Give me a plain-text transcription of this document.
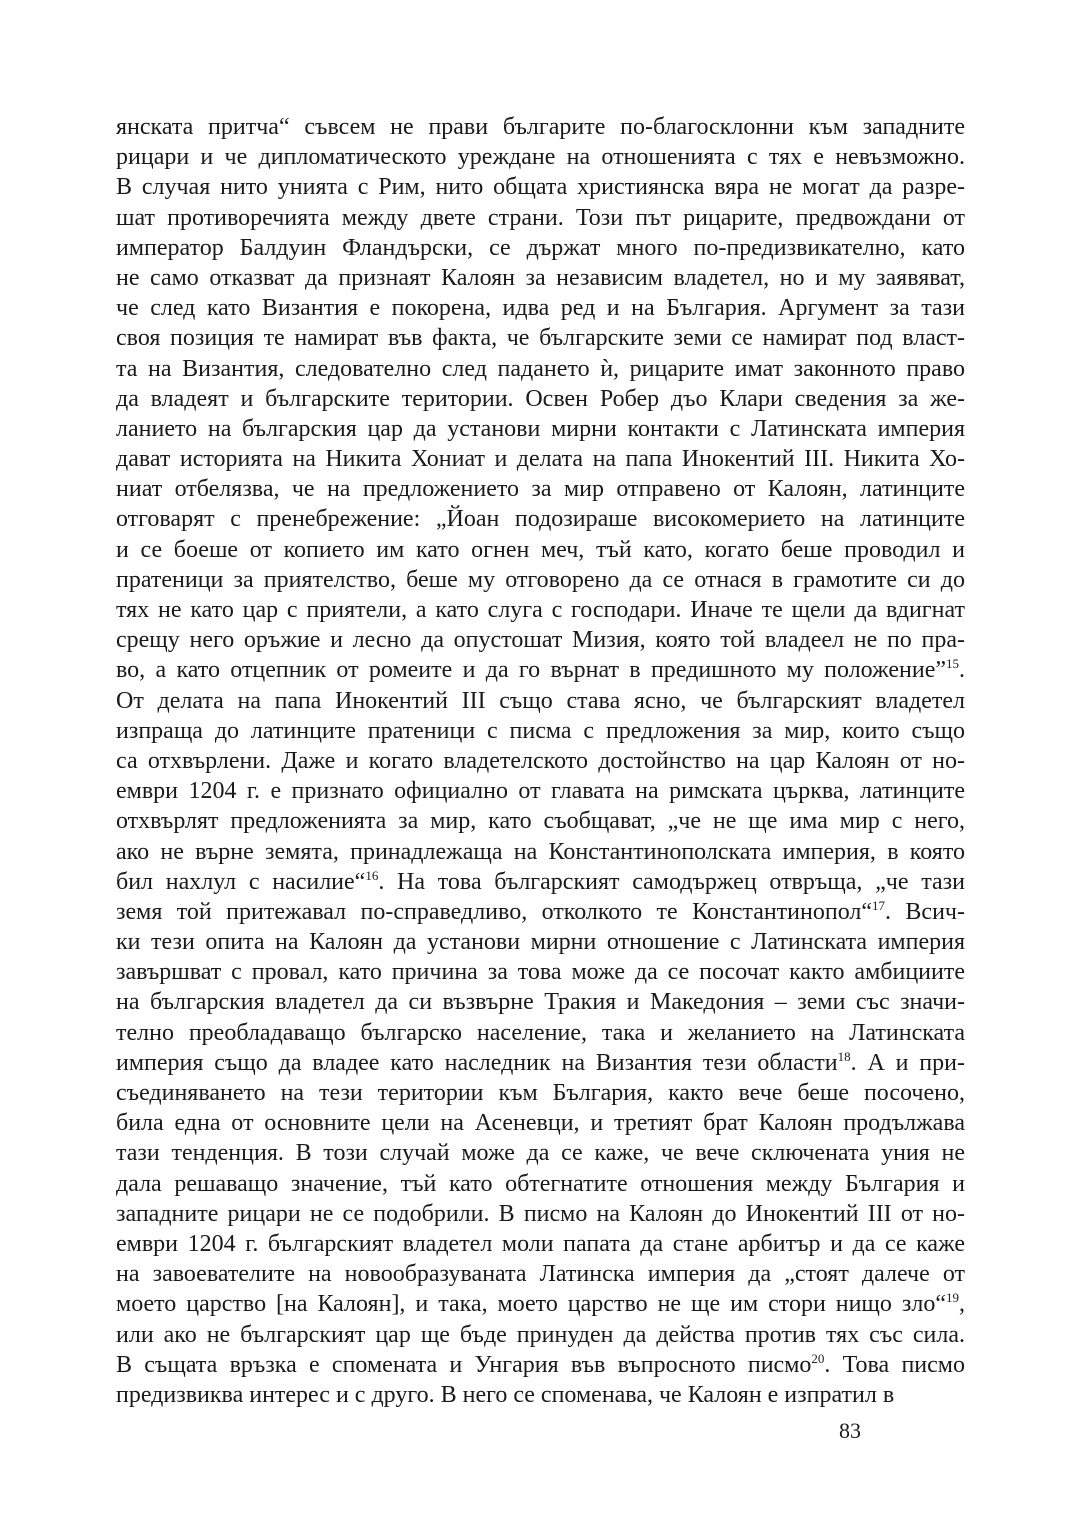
янската притча“ съвсем не прави българите по-благосклонни към западните
рицари и че дипломатическото уреждане на отношенията с тях е невъзможно.
В случая нито унията с Рим, нито общата християнска вяра не могат да разре-
шат противоречията между двете страни. Този път рицарите, предвождани от
император Балдуин Фландърски, се държат много по-предизвикателно, като
не само отказват да признаят Калоян за независим владетел, но и му заявяват,
че след като Византия е покорена, идва ред и на България. Аргумент за тази
своя позиция те намират във факта, че българските земи се намират под власт-
та на Византия, следователно след падането ѝ, рицарите имат законното право
да владеят и българските територии. Освен Робер дъо Клари сведения за же-
ланието на българския цар да установи мирни контакти с Латинската империя
дават историята на Никита Хониат и делата на папа Инокентий III. Никита Хо-
ниат отбелязва, че на предложението за мир отправено от Калоян, латинците
отговарят с пренебрежение: „Йоан подозираше високомерието на латинците
и се боеше от копието им като огнен меч, тъй като, когато беше проводил и
пратеници за приятелство, беше му отговорено да се отнася в грамотите си до
тях не като цар с приятели, а като слуга с господари. Иначе те щели да вдигнат
срещу него оръжие и лесно да опустошат Мизия, която той владеел не по пра-
во, а като отцепник от ромеите и да го върнат в предишното му положение”$^{15}$.
От делата на папа Инокентий III също става ясно, че българският владетел
изпраща до латинците пратеници с писма с предложения за мир, които също
са отхвърлени. Даже и когато владетелското достойнство на цар Калоян от но-
ември 1204 г. е признато официално от главата на римската църква, латинците
отхвърлят предложенията за мир, като съобщават, „че не ще има мир с него,
ако не върне земята, принадлежаща на Константинополската империя, в която
бил нахлул с насилие“$^{16}$. На това българският самодържец отвръща, „че тази
земя той притежавал по-справедливо, отколкото те Константинопол“$^{17}$. Всич-
ки тези опита на Калоян да установи мирни отношение с Латинската империя
завършват с провал, като причина за това може да се посочат както амбициите
на българския владетел да си възвърне Тракия и Македония – земи със значи-
телно преобладаващо българско население, така и желанието на Латинската
империя също да владее като наследник на Византия тези области$^{18}$. А и при-
съединяването на тези територии към България, както вече беше посочено,
била една от основните цели на Асеневци, и третият брат Калоян продължава
тази тенденция. В този случай може да се каже, че вече сключената уния не
дала решаващо значение, тъй като обтегнатите отношения между България и
западните рицари не се подобрили. В писмо на Калоян до Инокентий III от но-
ември 1204 г. българският владетел моли папата да стане арбитър и да се каже
на завоевателите на новообразуваната Латинска империя да „стоят далече от
моето царство [на Калоян], и така, моето царство не ще им стори нищо зло“$^{19}$,
или ако не българският цар ще бъде принуден да действа против тях със сила.
В същата връзка е спомената и Унгария във въпросното писмо$^{20}$. Това писмо
предизвиква интерес и с друго. В него се споменава, че Калоян е изпратил в
83
